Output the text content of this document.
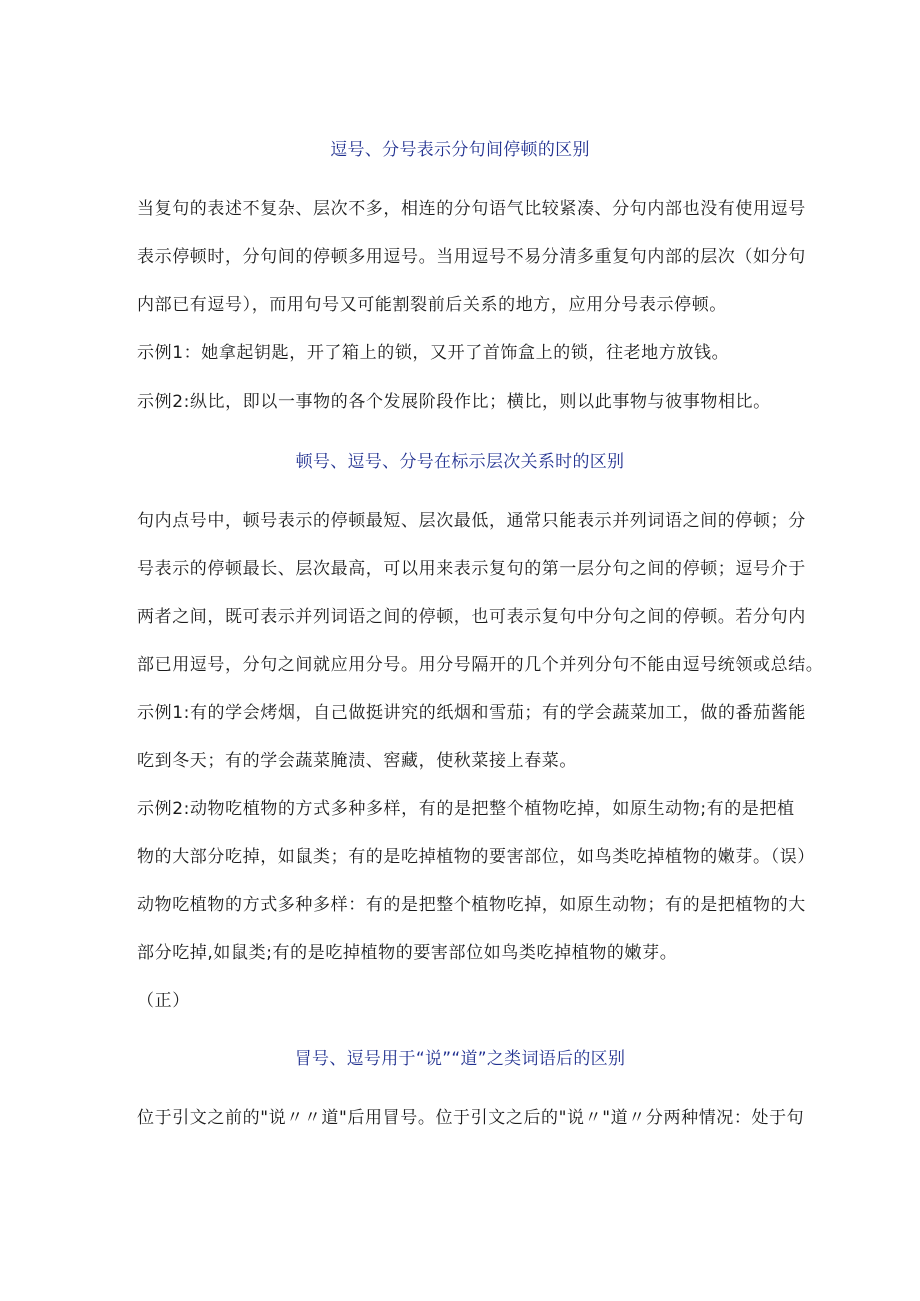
逗号、分号表示分句间停顿的区别
当复句的表述不复杂、层次不多，相连的分句语气比较紧凑、分句内部也没有使用逗号
表示停顿时，分句间的停顿多用逗号。当用逗号不易分清多重复句内部的层次（如分句
内部已有逗号），而用句号又可能割裂前后关系的地方，应用分号表示停顿。
示例1：她拿起钥匙，开了箱上的锁，又开了首饰盒上的锁，往老地方放钱。
示例2:纵比，即以一事物的各个发展阶段作比；横比，则以此事物与彼事物相比。
顿号、逗号、分号在标示层次关系时的区别
句内点号中，顿号表示的停顿最短、层次最低，通常只能表示并列词语之间的停顿；分
号表示的停顿最长、层次最高，可以用来表示复句的第一层分句之间的停顿；逗号介于
两者之间，既可表示并列词语之间的停顿，也可表示复句中分句之间的停顿。若分句内
部已用逗号，分句之间就应用分号。用分号隔开的几个并列分句不能由逗号统领或总结。
示例1:有的学会烤烟，自己做挺讲究的纸烟和雪茄；有的学会蔬菜加工，做的番茄酱能
吃到冬天；有的学会蔬菜腌渍、窖藏，使秋菜接上春菜。
示例2:动物吃植物的方式多种多样，有的是把整个植物吃掉，如原生动物;有的是把植
物的大部分吃掉，如鼠类；有的是吃掉植物的要害部位，如鸟类吃掉植物的嫩芽。（误）
动物吃植物的方式多种多样：有的是把整个植物吃掉，如原生动物；有的是把植物的大
部分吃掉,如鼠类;有的是吃掉植物的要害部位如鸟类吃掉植物的嫩芽。
（正）
冒号、逗号用于“说”“道”之类词语后的区别
位于引文之前的"说〃〃道"后用冒号。位于引文之后的"说〃"道〃分两种情况：处于句
